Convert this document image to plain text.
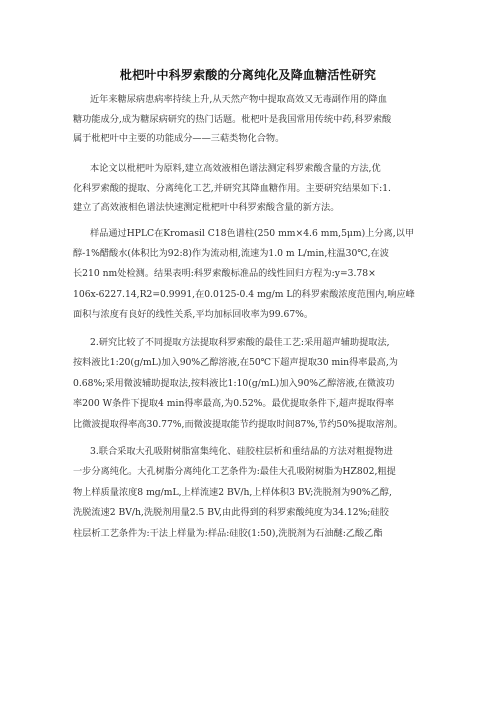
枇杷叶中科罗索酸的分离纯化及降血糖活性研究
近年来糖尿病患病率持续上升,从天然产物中提取高效又无毒副作用的降血
糖功能成分,成为糖尿病研究的热门话题。枇杷叶是我国常用传统中药,科罗索酸
属于枇杷叶中主要的功能成分——三萜类物化合物。
本论文以枇杷叶为原料,建立高效液相色谱法测定科罗索酸含量的方法,优
化科罗索酸的提取、分离纯化工艺,并研究其降血糖作用。主要研究结果如下:1.
建立了高效液相色谱法快速测定枇杷叶中科罗索酸含量的新方法。
样品通过HPLC在Kromasil C18色谱柱(250 mm×4.6 mm,5μm)上分离,以甲
醇-1%醋酸水(体积比为92:8)作为流动相,流速为1.0 m L/min,柱温30℃,在波
长210 nm处检测。结果表明:科罗索酸标准品的线性回归方程为:y=3.78×
106x-6227.14,R2=0.9991,在0.0125-0.4 mg/m L的科罗索酸浓度范围内,响应峰
面积与浓度有良好的线性关系,平均加标回收率为99.67%。
2.研究比较了不同提取方法提取科罗索酸的最佳工艺:采用超声辅助提取法,
按料液比1:20(g/mL)加入90%乙醇溶液,在50℃下超声提取30 min得率最高,为
0.68%;采用微波辅助提取法,按料液比1:10(g/mL)加入90%乙醇溶液,在微波功
率200 W条件下提取4 min得率最高,为0.52%。最优提取条件下,超声提取得率
比微波提取得率高30.77%,而微波提取能节约提取时间87%,节约50%提取溶剂。
3.联合采取大孔吸附树脂富集纯化、硅胶柱层析和重结晶的方法对粗提物进
一步分离纯化。大孔树脂分离纯化工艺条件为:最佳大孔吸附树脂为HZ802,粗提
物上样质量浓度8 mg/mL,上样流速2 BV/h,上样体积3 BV;洗脱剂为90%乙醇,
洗脱流速2 BV/h,洗脱剂用量2.5 BV,由此得到的科罗索酸纯度为34.12%;硅胶
柱层析工艺条件为:干法上样量为:样品:硅胶(1:50),洗脱剂为石油醚:乙酸乙酯
